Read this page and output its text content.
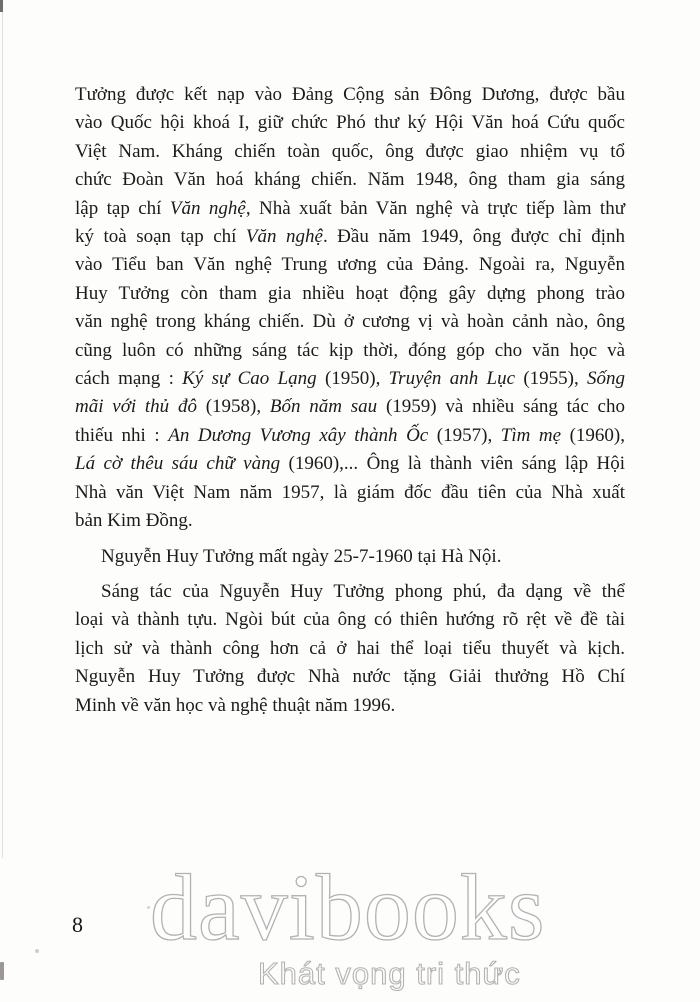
davibooks
Khát vọng tri thức
Tưởng được kết nạp vào Đảng Cộng sản Đông Dương, được bầu
vào Quốc hội khoá I, giữ chức Phó thư ký Hội Văn hoá Cứu quốc
Việt Nam. Kháng chiến toàn quốc, ông được giao nhiệm vụ tổ
chức Đoàn Văn hoá kháng chiến. Năm 1948, ông tham gia sáng
lập tạp chí Văn nghệ, Nhà xuất bản Văn nghệ và trực tiếp làm thư
ký toà soạn tạp chí Văn nghệ. Đầu năm 1949, ông được chỉ định
vào Tiểu ban Văn nghệ Trung ương của Đảng. Ngoài ra, Nguyễn
Huy Tưởng còn tham gia nhiều hoạt động gây dựng phong trào
văn nghệ trong kháng chiến. Dù ở cương vị và hoàn cảnh nào, ông
cũng luôn có những sáng tác kịp thời, đóng góp cho văn học và
cách mạng : Ký sự Cao Lạng (1950), Truyện anh Lục (1955), Sống
mãi với thủ đô (1958), Bốn năm sau (1959) và nhiều sáng tác cho
thiếu nhi : An Dương Vương xây thành Ốc (1957), Tìm mẹ (1960),
Lá cờ thêu sáu chữ vàng (1960),... Ông là thành viên sáng lập Hội
Nhà văn Việt Nam năm 1957, là giám đốc đầu tiên của Nhà xuất
bản Kim Đồng.
Nguyễn Huy Tưởng mất ngày 25-7-1960 tại Hà Nội.
Sáng tác của Nguyễn Huy Tưởng phong phú, đa dạng về thể
loại và thành tựu. Ngòi bút của ông có thiên hướng rõ rệt về đề tài
lịch sử và thành công hơn cả ở hai thể loại tiểu thuyết và kịch.
Nguyễn Huy Tưởng được Nhà nước tặng Giải thưởng Hồ Chí
Minh về văn học và nghệ thuật năm 1996.
8
